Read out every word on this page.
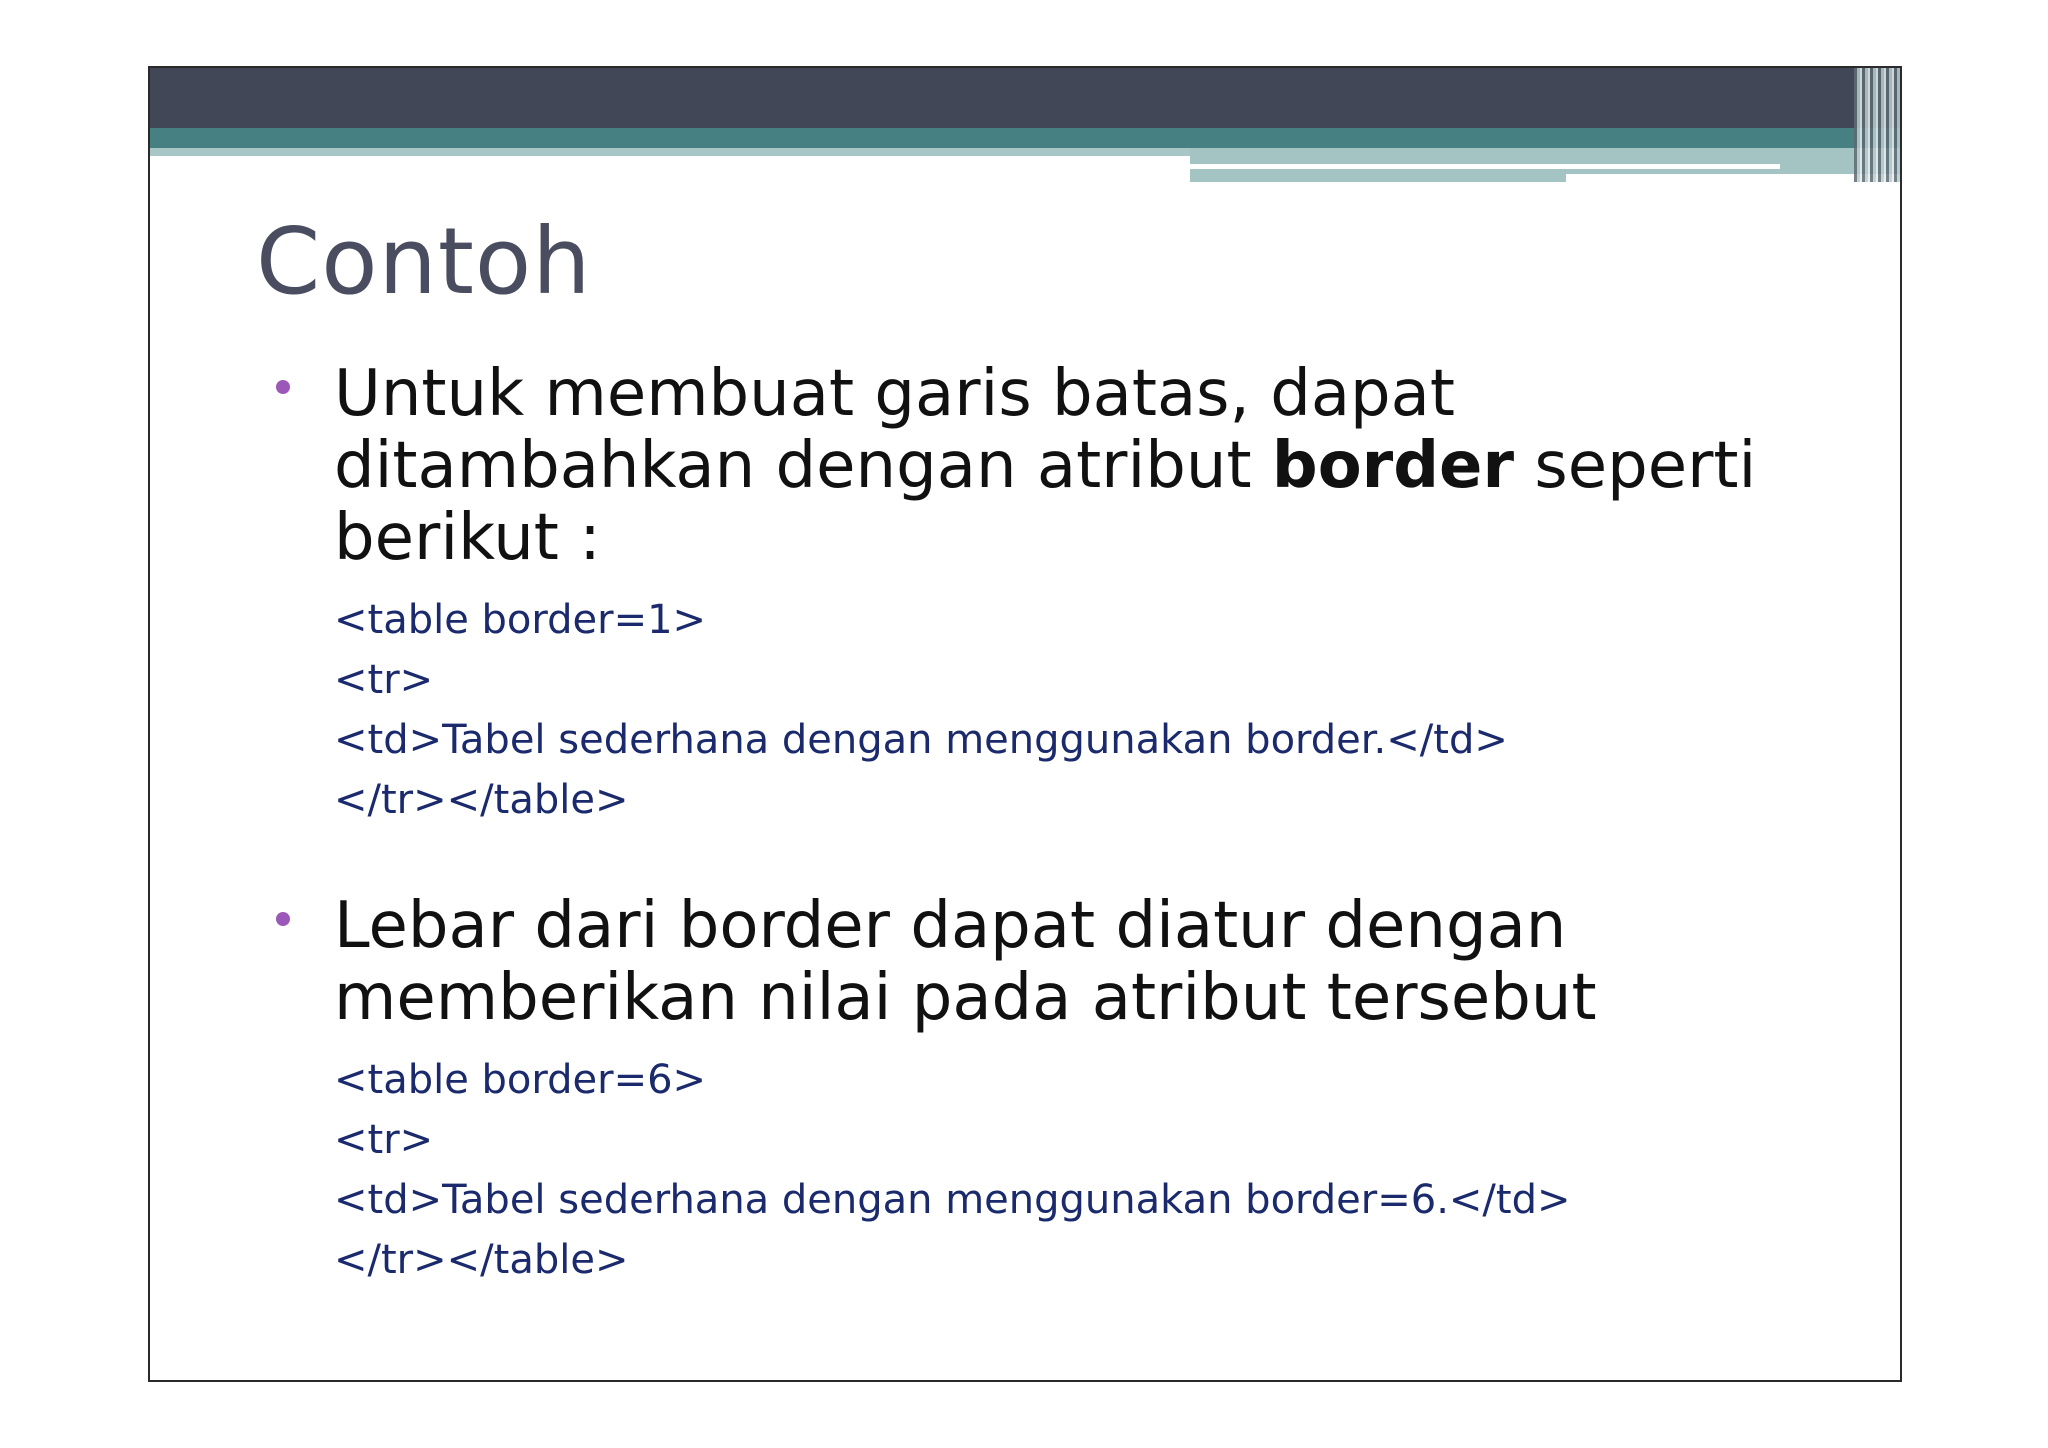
Contoh

Untuk membuat garis batas, dapat ditambahkan dengan atribut border seperti berikut :

<table border=1>
<tr>
<td>Tabel sederhana dengan menggunakan border.</td>
</tr></table>

Lebar dari border dapat diatur dengan memberikan nilai pada atribut tersebut

<table border=6>
<tr>
<td>Tabel sederhana dengan menggunakan border=6.</td>
</tr></table>
